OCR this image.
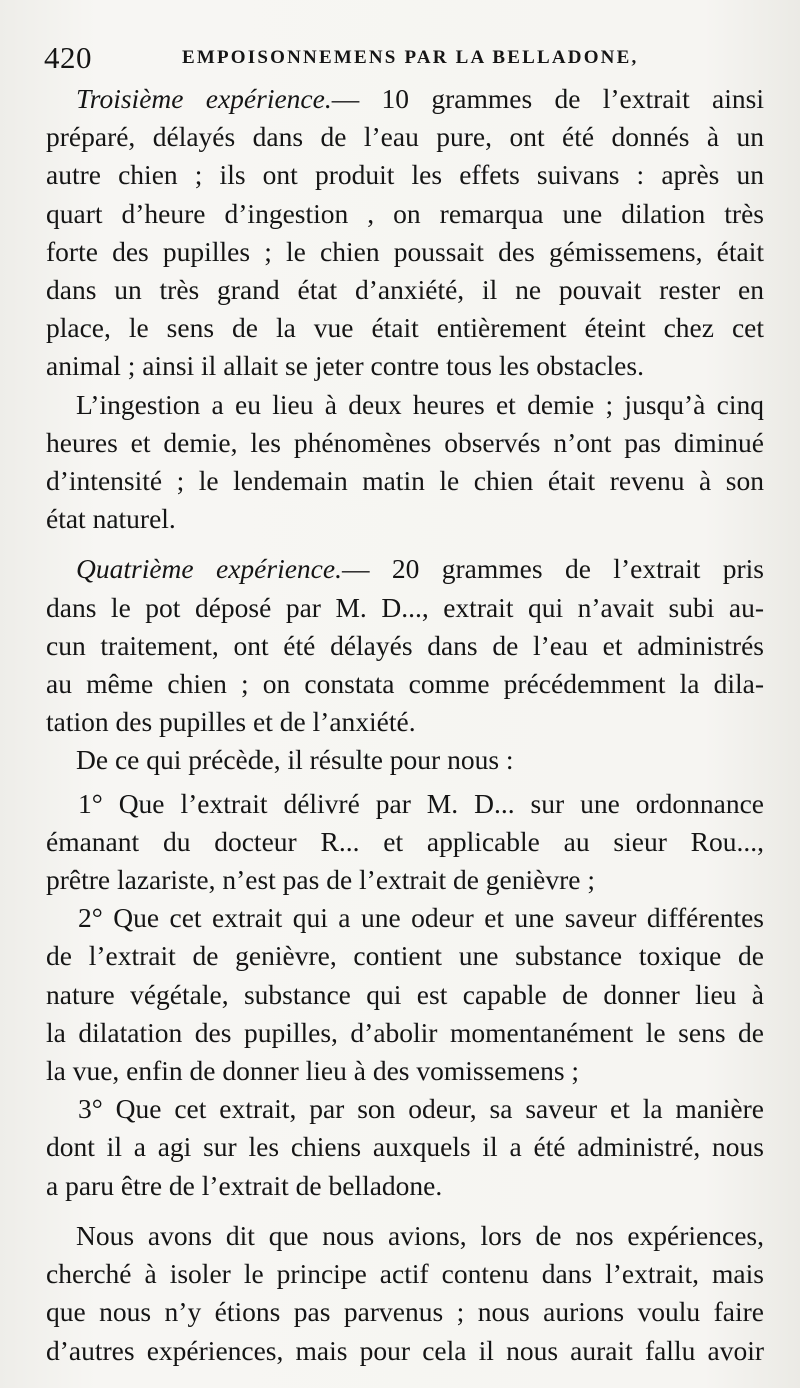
420	EMPOISONNEMENS PAR LA BELLADONE,
Troisième expérience.— 10 grammes de l’extrait ainsi
préparé, délayés dans de l’eau pure, ont été donnés à un
autre chien ; ils ont produit les effets suivans : après un
quart d’heure d’ingestion , on remarqua une dilation très
forte des pupilles ; le chien poussait des gémissemens, était
dans un très grand état d’anxiété, il ne pouvait rester en
place, le sens de la vue était entièrement éteint chez cet
animal ; ainsi il allait se jeter contre tous les obstacles.
L’ingestion a eu lieu à deux heures et demie ; jusqu’à cinq
heures et demie, les phénomènes observés n’ont pas diminué
d’intensité ; le lendemain matin le chien était revenu à son
état naturel.
Quatrième expérience.— 20 grammes de l’extrait pris
dans le pot déposé par M. D..., extrait qui n’avait subi au-
cun traitement, ont été délayés dans de l’eau et administrés
au même chien ; on constata comme précédemment la dila-
tation des pupilles et de l’anxiété.
De ce qui précède, il résulte pour nous :
1° Que l’extrait délivré par M. D... sur une ordonnance
émanant du docteur R... et applicable au sieur Rou...,
prêtre lazariste, n’est pas de l’extrait de genièvre ;
2° Que cet extrait qui a une odeur et une saveur différentes
de l’extrait de genièvre, contient une substance toxique de
nature végétale, substance qui est capable de donner lieu à
la dilatation des pupilles, d’abolir momentanément le sens de
la vue, enfin de donner lieu à des vomissemens ;
3° Que cet extrait, par son odeur, sa saveur et la manière
dont il a agi sur les chiens auxquels il a été administré, nous
a paru être de l’extrait de belladone.
Nous avons dit que nous avions, lors de nos expériences,
cherché à isoler le principe actif contenu dans l’extrait, mais
que nous n’y étions pas parvenus ; nous aurions voulu faire
d’autres expériences, mais pour cela il nous aurait fallu avoir
